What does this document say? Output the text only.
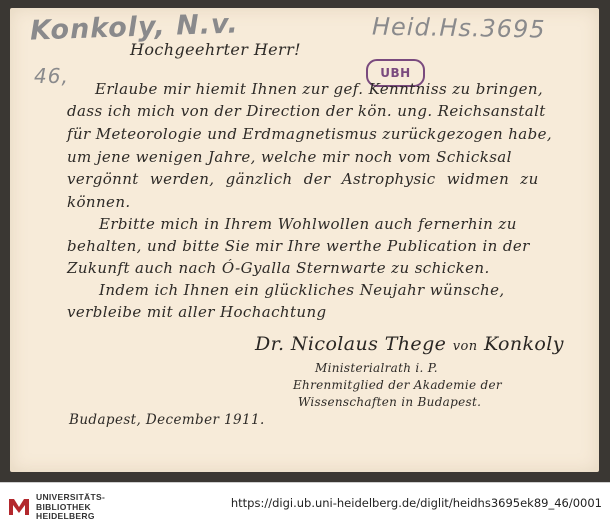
Konkoly, N.v.	Heid.Hs.3695
46,	UBH
Hochgeehrter Herr!
Erlaube mir hiemit Ihnen zur gef. Kenntniss zu bringen,
dass ich mich von der Direction der kön. ung. Reichsanstalt
für Meteorologie und Erdmagnetismus zurückgezogen habe,
um jene wenigen Jahre, welche mir noch vom Schicksal
vergönnt werden, gänzlich der Astrophysic widmen zu
können.
Erbitte mich in Ihrem Wohlwollen auch fernerhin zu
behalten, und bitte Sie mir Ihre werthe Publication in der
Zukunft auch nach Ó-Gyalla Sternwarte zu schicken.
Indem ich Ihnen ein glückliches Neujahr wünsche,
verbleibe mit aller Hochachtung
Dr. Nicolaus Thege von Konkoly
Ministerialrath i. P.
Ehrenmitglied der Akademie der
Wissenschaften in Budapest.
Budapest, December 1911.
UNIVERSITÄTS-
BIBLIOTHEK
HEIDELBERG
https://digi.ub.uni-heidelberg.de/diglit/heidhs3695ek89_46/0001
